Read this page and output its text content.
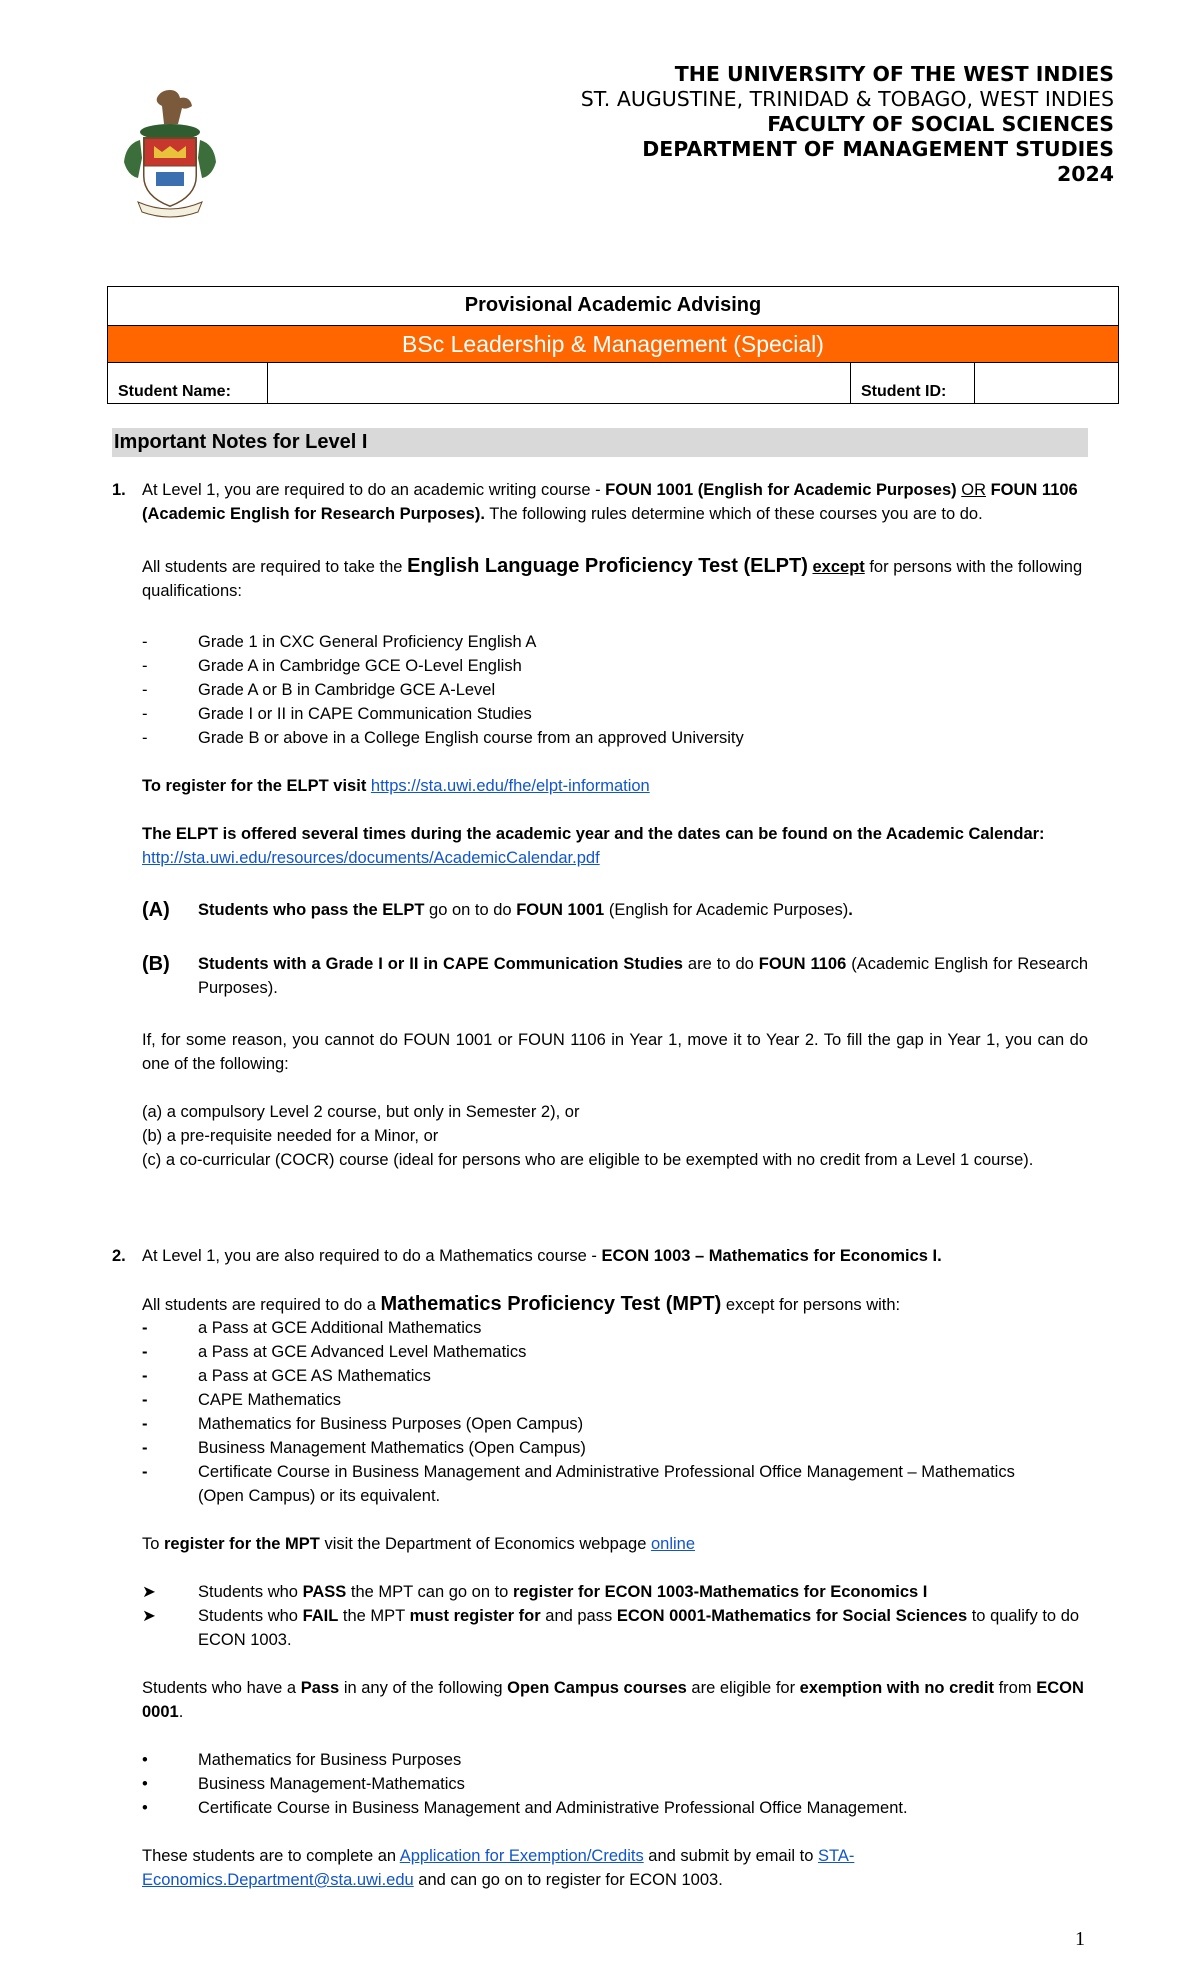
THE UNIVERSITY OF THE WEST INDIES
ST. AUGUSTINE, TRINIDAD & TOBAGO, WEST INDIES
FACULTY OF SOCIAL SCIENCES
DEPARTMENT OF MANAGEMENT STUDIES
2024
Provisional Academic Advising
BSc Leadership & Management (Special)
Student Name:	Student ID:
Important Notes for Level I
1. At Level 1, you are required to do an academic writing course - FOUN 1001 (English for Academic Purposes) OR FOUN 1106 (Academic English for Research Purposes). The following rules determine which of these courses you are to do.
All students are required to take the English Language Proficiency Test (ELPT) except for persons with the following qualifications:
-	Grade 1 in CXC General Proficiency English A
-	Grade A in Cambridge GCE O-Level English
-	Grade A or B in Cambridge GCE A-Level
-	Grade I or II in CAPE Communication Studies
-	Grade B or above in a College English course from an approved University
To register for the ELPT visit https://sta.uwi.edu/fhe/elpt-information
The ELPT is offered several times during the academic year and the dates can be found on the Academic Calendar:
http://sta.uwi.edu/resources/documents/AcademicCalendar.pdf
(A) Students who pass the ELPT go on to do FOUN 1001 (English for Academic Purposes).
(B) Students with a Grade I or II in CAPE Communication Studies are to do FOUN 1106 (Academic English for Research Purposes).
If, for some reason, you cannot do FOUN 1001 or FOUN 1106 in Year 1, move it to Year 2. To fill the gap in Year 1, you can do one of the following:
(a) a compulsory Level 2 course, but only in Semester 2), or
(b) a pre-requisite needed for a Minor, or
(c) a co-curricular (COCR) course (ideal for persons who are eligible to be exempted with no credit from a Level 1 course).
2. At Level 1, you are also required to do a Mathematics course - ECON 1003 – Mathematics for Economics I.
All students are required to do a Mathematics Proficiency Test (MPT) except for persons with:
-	a Pass at GCE Additional Mathematics
-	a Pass at GCE Advanced Level Mathematics
-	a Pass at GCE AS Mathematics
-	CAPE Mathematics
-	Mathematics for Business Purposes (Open Campus)
-	Business Management Mathematics (Open Campus)
-	Certificate Course in Business Management and Administrative Professional Office Management – Mathematics (Open Campus) or its equivalent.
To register for the MPT visit the Department of Economics webpage online
➤	Students who PASS the MPT can go on to register for ECON 1003-Mathematics for Economics I
➤	Students who FAIL the MPT must register for and pass ECON 0001-Mathematics for Social Sciences to qualify to do ECON 1003.
Students who have a Pass in any of the following Open Campus courses are eligible for exemption with no credit from ECON 0001.
•	Mathematics for Business Purposes
•	Business Management-Mathematics
•	Certificate Course in Business Management and Administrative Professional Office Management.
These students are to complete an Application for Exemption/Credits and submit by email to STA-Economics.Department@sta.uwi.edu and can go on to register for ECON 1003.
1
